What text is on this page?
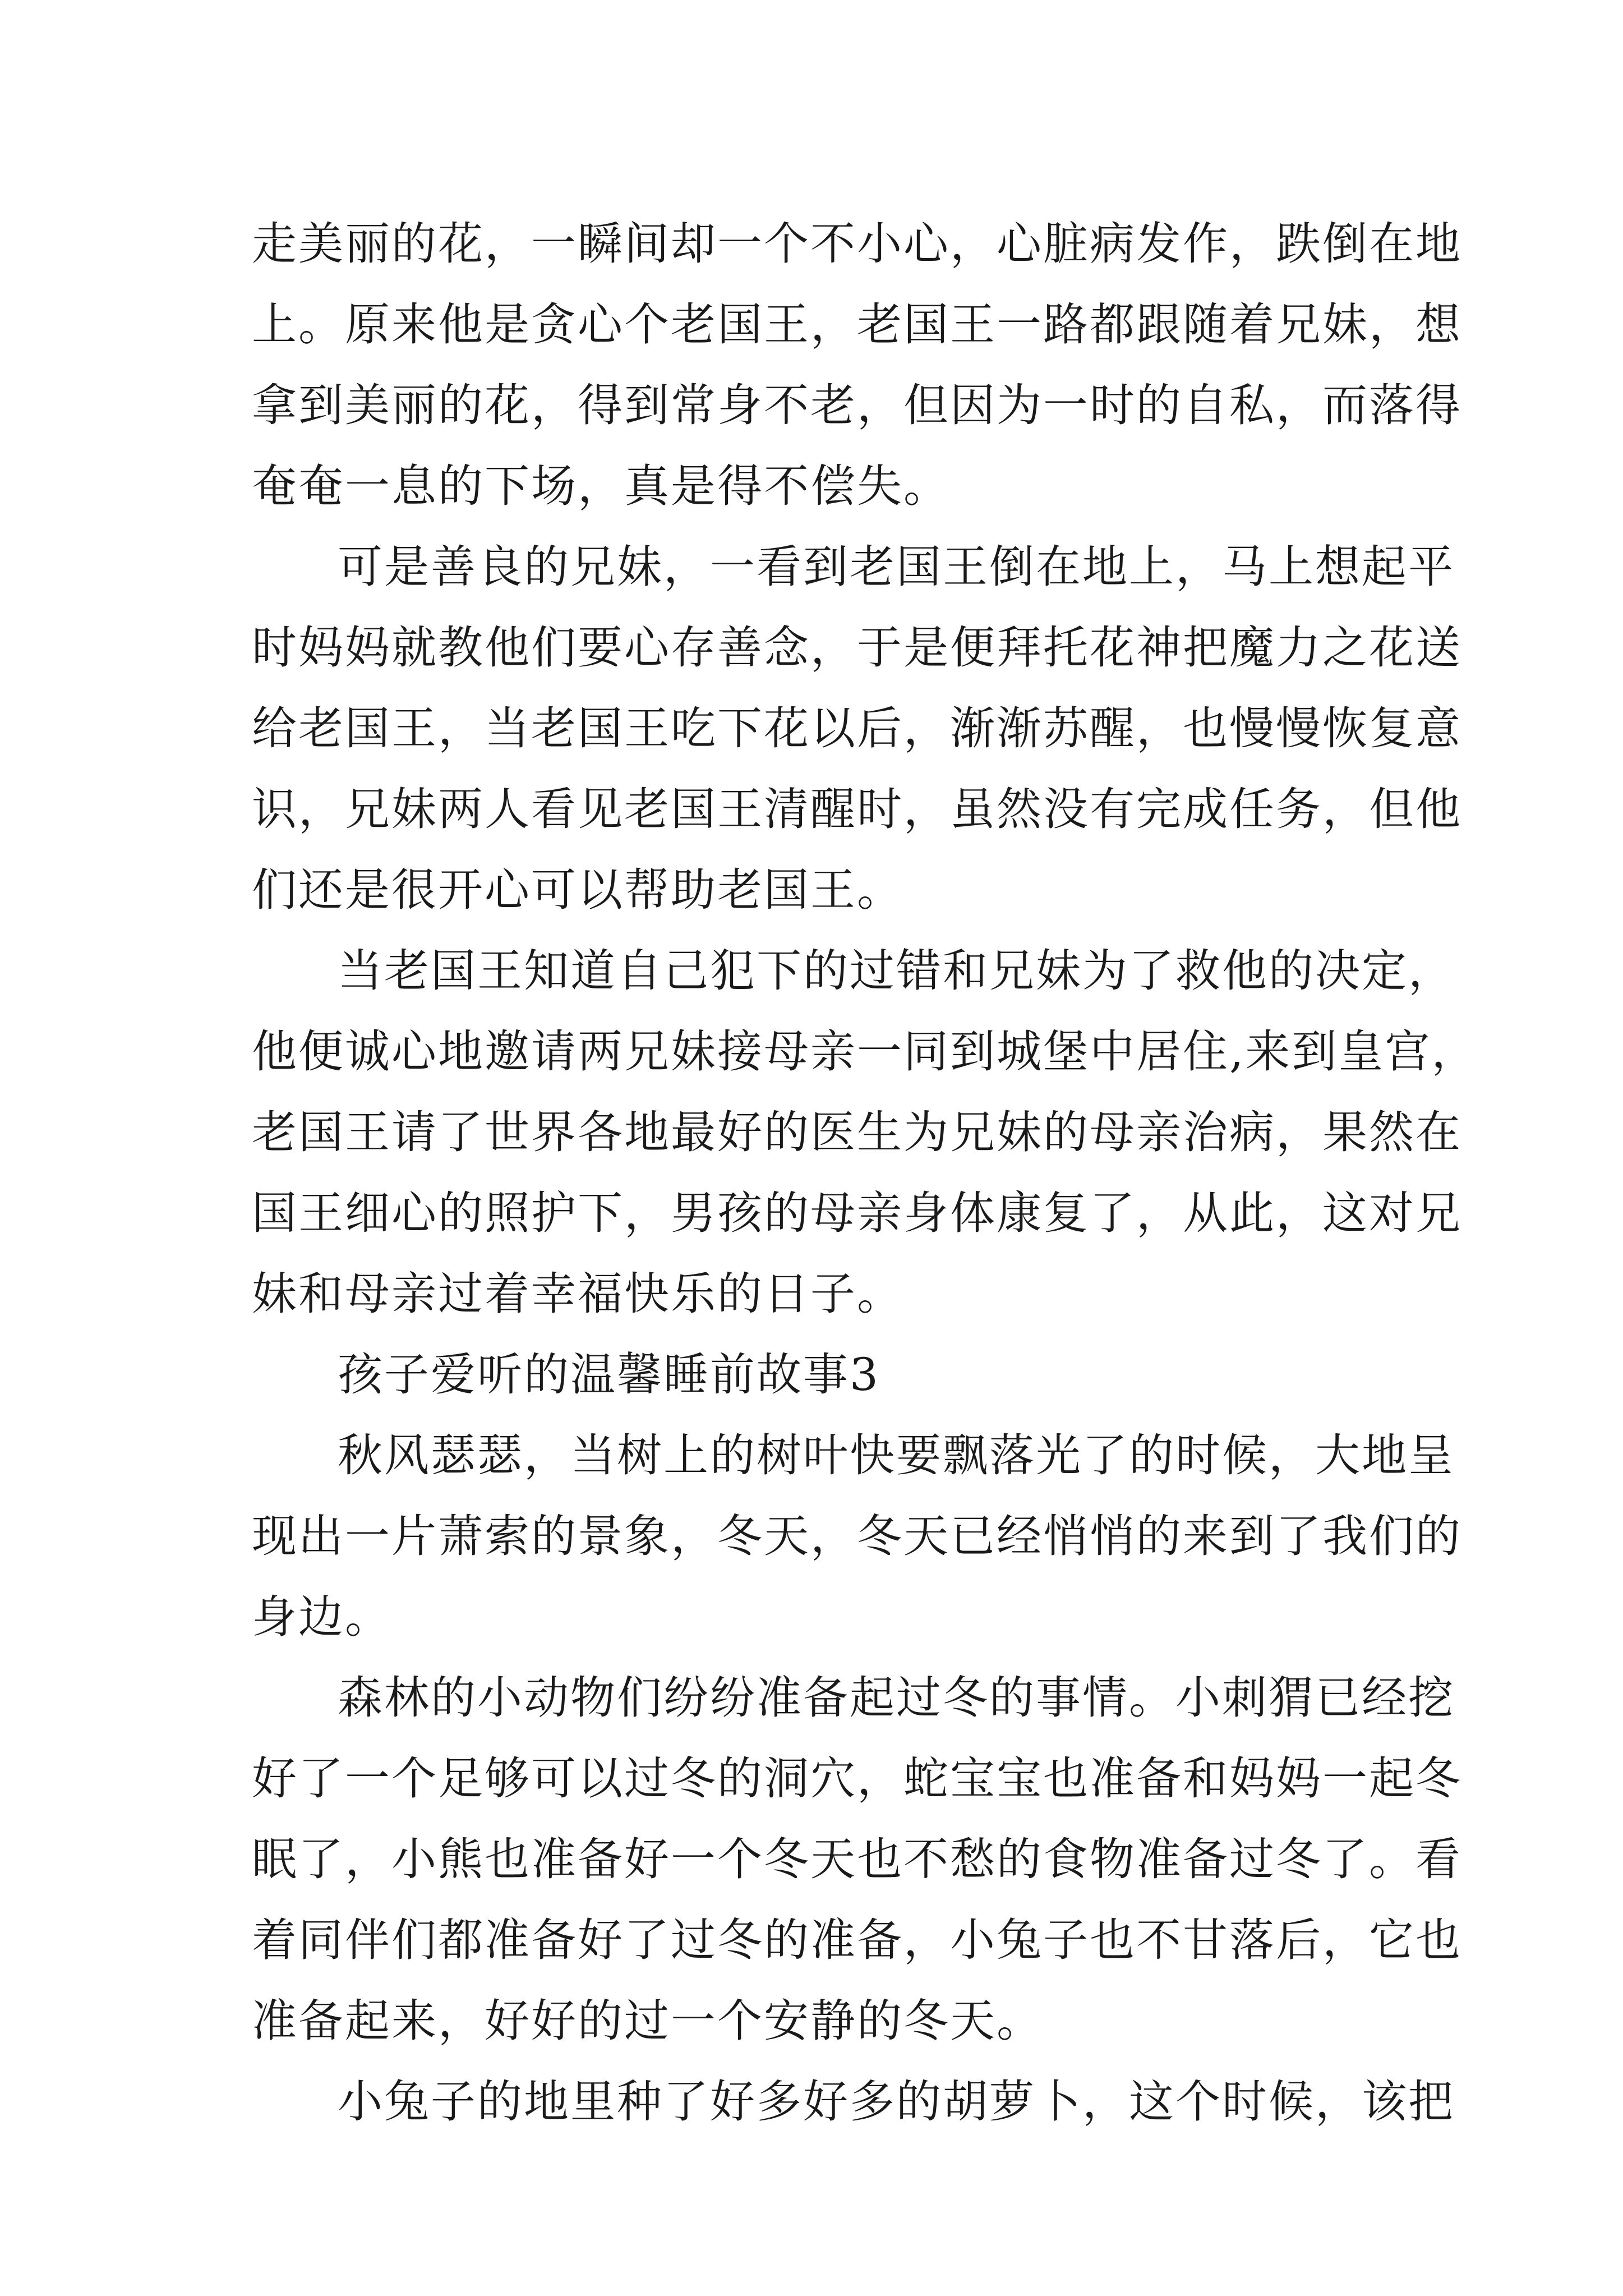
走美丽的花，一瞬间却一个不小心，心脏病发作，跌倒在地

上。原来他是贪心个老国王，老国王一路都跟随着兄妹，想

拿到美丽的花，得到常身不老，但因为一时的自私，而落得

奄奄一息的下场，真是得不偿失。

可是善良的兄妹，一看到老国王倒在地上，马上想起平

时妈妈就教他们要心存善念，于是便拜托花神把魔力之花送

给老国王，当老国王吃下花以后，渐渐苏醒，也慢慢恢复意

识，兄妹两人看见老国王清醒时，虽然没有完成任务，但他

们还是很开心可以帮助老国王。

当老国王知道自己犯下的过错和兄妹为了救他的决定，

他便诚心地邀请两兄妹接母亲一同到城堡中居住,来到皇宫，

老国王请了世界各地最好的医生为兄妹的母亲治病，果然在

国王细心的照护下，男孩的母亲身体康复了，从此，这对兄

妹和母亲过着幸福快乐的日子。

孩子爱听的温馨睡前故事3

秋风瑟瑟，当树上的树叶快要飘落光了的时候，大地呈

现出一片萧索的景象，冬天，冬天已经悄悄的来到了我们的

身边。

森林的小动物们纷纷准备起过冬的事情。小刺猬已经挖

好了一个足够可以过冬的洞穴，蛇宝宝也准备和妈妈一起冬

眠了，小熊也准备好一个冬天也不愁的食物准备过冬了。看

着同伴们都准备好了过冬的准备，小兔子也不甘落后，它也

准备起来，好好的过一个安静的冬天。

小兔子的地里种了好多好多的胡萝卜，这个时候，该把
